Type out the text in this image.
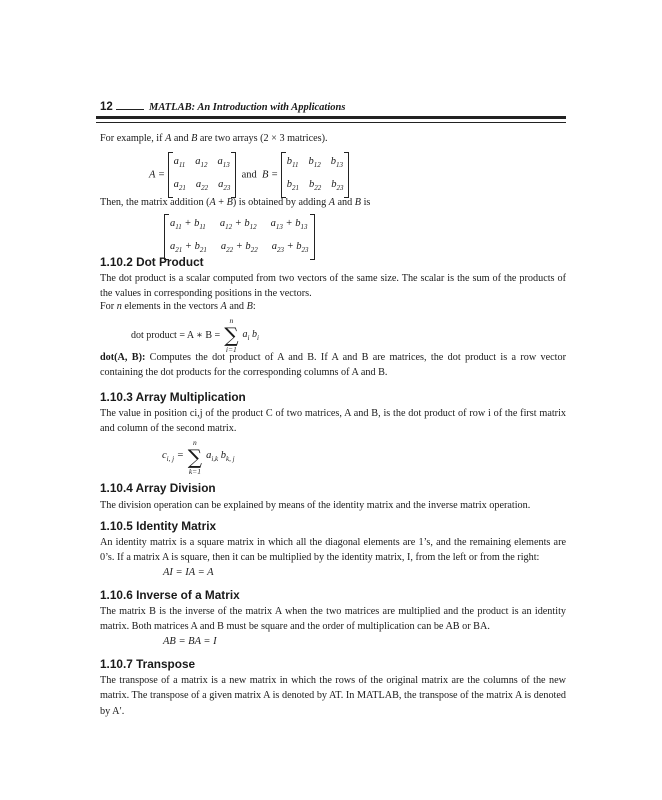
12	MATLAB: An Introduction with Applications
For example, if A and B are two arrays (2 × 3 matrices).
A =
$a_{11}$ $a_{12}$ $a_{13}$
$a_{21}$ $a_{22}$ $a_{23}$
and B =
$b_{11}$ $b_{12}$ $b_{13}$
$b_{21}$ $b_{22}$ $b_{23}$
Then, the matrix addition (A + B) is obtained by adding A and B is
$a_{11} + b_{11}$ $a_{12} + b_{12}$ $a_{13} + b_{13}$
$a_{21} + b_{21}$ $a_{22} + b_{22}$ $a_{23} + b_{23}$
1.10.2 Dot Product
The dot product is a scalar computed from two vectors of the same size. The scalar is the sum of the products of the values in corresponding positions in the vectors.
For n elements in the vectors A and B:
dot product = A ∗ B =
n
∑
i=1
$a_i$ $b_i$
dot(A, B): Computes the dot product of A and B. If A and B are matrices, the dot product is a row vector containing the dot products for the corresponding columns of A and B.
1.10.3 Array Multiplication
The value in position ci,j of the product C of two matrices, A and B, is the dot product of row i of the first matrix and column of the second matrix.
$c_{i, j}$ =
n
∑
k=1
$a_{i,k}$ $b_{k, j}$
1.10.4 Array Division
The division operation can be explained by means of the identity matrix and the inverse matrix operation.
1.10.5 Identity Matrix
An identity matrix is a square matrix in which all the diagonal elements are 1’s, and the remaining elements are 0’s. If a matrix A is square, then it can be multiplied by the identity matrix, I, from the left or from the right:
AI = IA = A
1.10.6 Inverse of a Matrix
The matrix B is the inverse of the matrix A when the two matrices are multiplied and the product is an identity matrix. Both matrices A and B must be square and the order of multiplication can be AB or BA.
AB = BA = I
1.10.7 Transpose
The transpose of a matrix is a new matrix in which the rows of the original matrix are the columns of the new matrix. The transpose of a given matrix A is denoted by AT. In MATLAB, the transpose of the matrix A is denoted by A′.
